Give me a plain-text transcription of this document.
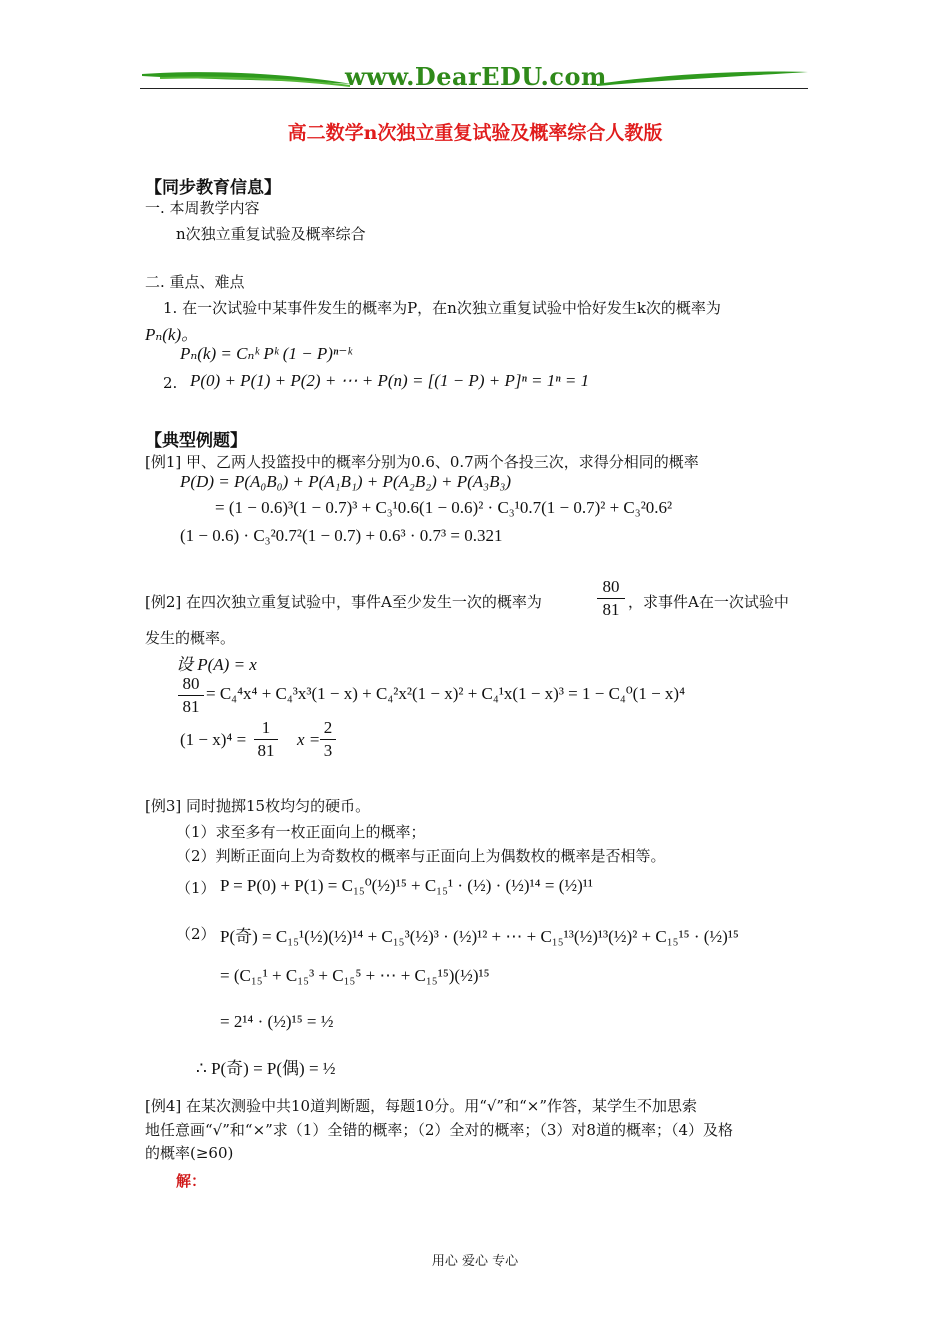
www.DearEDU.com
高二数学n次独立重复试验及概率综合人教版
【同步教育信息】
一. 本周教学内容
n次独立重复试验及概率综合
二. 重点、难点
1. 在一次试验中某事件发生的概率为P，在n次独立重复试验中恰好发生k次的概率为
Pₙ(k)。
Pₙ(k) = Cₙᵏ Pᵏ (1 − P)ⁿ⁻ᵏ
2. P(0) + P(1) + P(2) + ⋯ + P(n) = [(1 − P) + P]ⁿ = 1ⁿ = 1
【典型例题】
[例1] 甲、乙两人投篮投中的概率分别为0.6、0.7两个各投三次，求得分相同的概率
P(D) = P(A₀B₀) + P(A₁B₁) + P(A₂B₂) + P(A₃B₃)
= (1 − 0.6)³(1 − 0.7)³ + C₃¹0.6(1 − 0.6)² · C₃¹0.7(1 − 0.7)² + C₃²0.6²
(1 − 0.6) · C₃²0.7²(1 − 0.7) + 0.6³ · 0.7³ = 0.321
[例2] 在四次独立重复试验中，事件A至少发生一次的概率为
80
81 ，求事件A在一次试验中
发生的概率。
设 P(A) = x
80
81
= C₄⁴x⁴ + C₄³x³(1 − x) + C₄²x²(1 − x)² + C₄¹x(1 − x)³ = 1 − C₄⁰(1 − x)⁴
(1 − x)⁴ =
1
81
x =
2
3
[例3] 同时抛掷15枚均匀的硬币。
（1）求至多有一枚正面向上的概率；
（2）判断正面向上为奇数枚的概率与正面向上为偶数枚的概率是否相等。
（1） P = P(0) + P(1) = C₁₅⁰(½)¹⁵ + C₁₅¹ · (½) · (½)¹⁴ = (½)¹¹
（2） P(奇) = C₁₅¹(½)(½)¹⁴ + C₁₅³(½)³ · (½)¹² + ⋯ + C₁₅¹³(½)¹³(½)² + C₁₅¹⁵ · (½)¹⁵
= (C₁₅¹ + C₁₅³ + C₁₅⁵ + ⋯ + C₁₅¹⁵)(½)¹⁵
= 2¹⁴ · (½)¹⁵ = ½
∴ P(奇) = P(偶) = ½
[例4] 在某次测验中共10道判断题，每题10分。用“√”和“×”作答，某学生不加思索
地任意画“√”和“×”求（1）全错的概率；（2）全对的概率；（3）对8道的概率；（4）及格
的概率(≥60)
解：
用心 爱心 专心
